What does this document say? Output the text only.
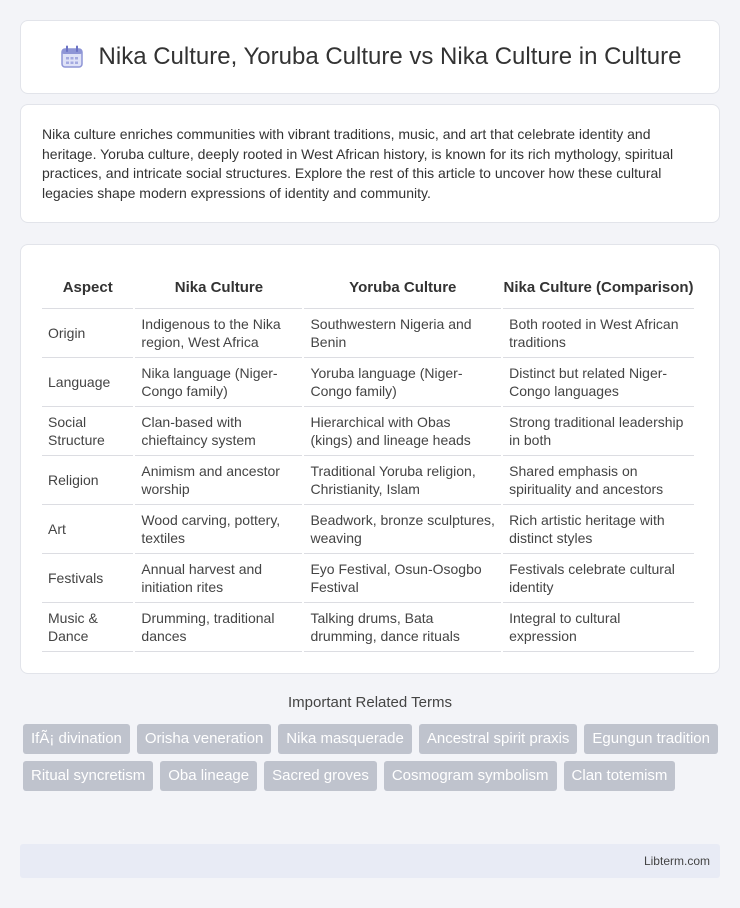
Nika Culture, Yoruba Culture vs Nika Culture in Culture

Nika culture enriches communities with vibrant traditions, music, and art that celebrate identity and heritage. Yoruba culture, deeply rooted in West African history, is known for its rich mythology, spiritual practices, and intricate social structures. Explore the rest of this article to uncover how these cultural legacies shape modern expressions of identity and community.

Aspect	Nika Culture	Yoruba Culture	Nika Culture (Comparison)
Origin	Indigenous to the Nika region, West Africa	Southwestern Nigeria and Benin	Both rooted in West African traditions
Language	Nika language (Niger-Congo family)	Yoruba language (Niger-Congo family)	Distinct but related Niger-Congo languages
Social Structure	Clan-based with chieftaincy system	Hierarchical with Obas (kings) and lineage heads	Strong traditional leadership in both
Religion	Animism and ancestor worship	Traditional Yoruba religion, Christianity, Islam	Shared emphasis on spirituality and ancestors
Art	Wood carving, pottery, textiles	Beadwork, bronze sculptures, weaving	Rich artistic heritage with distinct styles
Festivals	Annual harvest and initiation rites	Eyo Festival, Osun-Osogbo Festival	Festivals celebrate cultural identity
Music & Dance	Drumming, traditional dances	Talking drums, Bata drumming, dance rituals	Integral to cultural expression
Important Related Terms
IfÃ¡ divination	Orisha veneration	Nika masquerade	Ancestral spirit praxis	Egungun tradition
Ritual syncretism	Oba lineage	Sacred groves	Cosmogram symbolism	Clan totemism
Libterm.com
